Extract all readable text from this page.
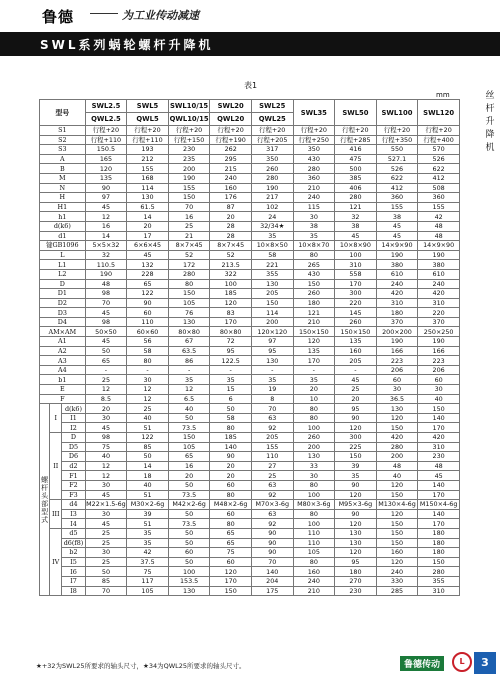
鲁德	为工业传动减速
SWL系列蜗轮螺杆升降机
丝
杆
升
降
机
表1
mm
型号			SWL2.5	SWL5	SWL10/15	SWL20	SWL25	SWL35	SWL50	SWL100	SWL120
			QWL2.5	QWL5	QWL10/15	QWL20	QWL25				
S1			行程+20	行程+20	行程+20	行程+20	行程+20	行程+20	行程+20	行程+20	行程+20
S2			行程+110	行程+110	行程+150	行程+190	行程+205	行程+250	行程+285	行程+350	行程+400
S3			150.5	193	230	262	317	350	416	550	570
A			165	212	235	295	350	430	475	527.1	526
B			120	155	200	215	260	280	500	526	622
M			135	168	190	240	280	360	385	622	412
N			90	114	155	160	190	210	406	412	508
H			97	130	150	176	217	240	280	360	360
H1			45	61.5	70	87	102	115	121	155	155
h1			12	14	16	20	24	30	32	38	42
d(k6)			16	20	25	28	32/34★	38	38	45	48
d1			14	17	21	28	35	35	45	45	48
键GB1096			5×5×32	6×6×45	8×7×45	8×7×45	10×8×50	10×8×70	10×8×90	14×9×90	14×9×90
L			32	45	52	52	58	80	100	190	190
L1			110.5	132	172	213.5	221	265	310	380	380
L2			190	228	280	322	355	430	558	610	610
D			48	65	80	100	130	150	170	240	240
D1			98	122	150	185	205	260	300	420	420
D2			70	90	105	120	150	180	220	310	310
D3			45	60	76	83	114	121	145	180	220
D4			98	110	130	170	200	210	260	370	370
AM×AM			50×50	60×60	80×80	80×80	120×120	150×150	150×150	200×200	250×250
A1			45	56	67	72	97	120	135	190	190
A2			50	58	63.5	95	95	135	160	166	166
A3			65	80	86	122.5	130	170	205	223	223
A4			-	-	-	-	-	-	-	206	206
b1			25	30	35	35	35	35	45	60	60
E			12	12	12	15	19	20	25	30	30
F			8.5	12	6.5	6	8	10	20	36.5	40
螺杆头部型式	I	d(k6)	20	25	40	50	70	80	95	130	150
		I1	30	40	50	58	63	80	90	120	140
		I2	45	51	73.5	80	92	100	120	150	170
	II	D	98	122	150	185	205	260	300	420	420
		D5	75	85	105	140	155	200	225	280	310
		D6	40	50	65	90	110	130	150	200	230
		d2	12	14	16	20	27	33	39	48	48
		F1	12	18	20	20	25	30	35	40	45
		F2	30	40	50	60	63	80	90	120	140
		F3	45	51	73.5	80	92	100	120	150	170
	III	d4	M22×1.5-6g	M30×2-6g	M42×2-6g	M48×2-6g	M70×3-6g	M80×3-6g	M95×3-6g	M130×4-6g	M150×4-6g
		I3	30	39	50	60	63	80	90	120	140
		I4	45	51	73.5	80	92	100	120	150	170
	IV	d5	25	35	50	65	90	110	130	150	180
		d6(f8)	25	35	50	65	90	110	130	150	180
		b2	30	42	60	75	90	105	120	160	180
		I5	25	37.5	50	60	70	80	95	120	150
		I6	50	75	100	120	140	160	180	240	280
		I7	85	117	153.5	170	204	240	270	330	355
		I8	70	105	130	150	175	210	230	285	310
★+32为SWL25所要求的轴头尺寸，★34为QWL25所要求的轴头尺寸。	鲁德传动	L	3
